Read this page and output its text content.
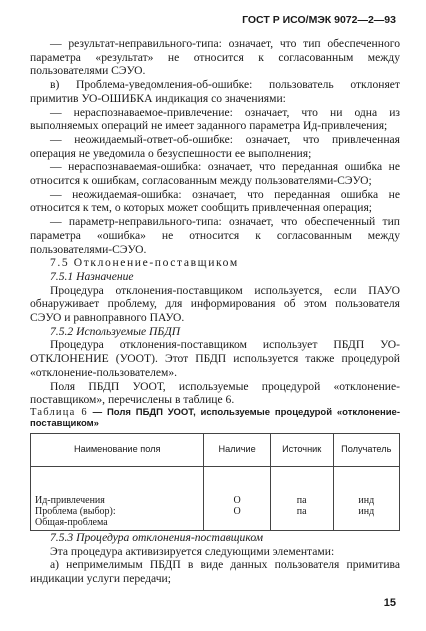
ГОСТ Р ИСО/МЭК 9072—2—93

— результат-неправильного-типа: означает, что тип обеспеченного параметра «результат» не относится к согласованным между пользователями СЭУО.

в) Проблема-уведомления-об-ошибке: пользователь отклоняет примитив УО-ОШИБКА индикация со значениями:

— нераспознаваемое-привлечение: означает, что ни одна из выполняемых операций не имеет заданного параметра Ид-привлечения;

— неожидаемый-ответ-об-ошибке: означает, что привлеченная операция не уведомила о безуспешности ее выполнения;

— нераспознаваемая-ошибка: означает, что переданная ошибка не относится к ошибкам, согласованным между пользователями-СЭУО;

— неожидаемая-ошибка: означает, что переданная ошибка не относится к тем, о которых может сообщить привлеченная операция;

— параметр-неправильного-типа: означает, что обеспеченный тип параметра «ошибка» не относится к согласованным между пользователями-СЭУО.

7.5 Отклонение-поставщиком

7.5.1 Назначение

Процедура отклонения-поставщиком используется, если ПАУО обнаруживает проблему, для информирования об этом пользователя СЭУО и равноправного ПАУО.

7.5.2 Используемые ПБДП

Процедура отклонения-поставщиком использует ПБДП УО-ОТКЛОНЕНИЕ (УООТ). Этот ПБДП используется также процедурой «отклонение-пользователем».

Поля ПБДП УООТ, используемые процедурой «отклонение-поставщиком», перечислены в таблице 6.

Таблица 6 — Поля ПБДП УООТ, используемые процедурой «отклонение-поставщиком»

Наименование поля	Наличие	Источник	Получатель
Ид-привлечения	О	па	инд
Проблема (выбор):	О	па	инд
Общая-проблема			

7.5.3 Процедура отклонения-поставщиком

Эта процедура активизируется следующими элементами:

а) непримелимым ПБДП в виде данных пользователя примитива индикации услуги передачи;

15
